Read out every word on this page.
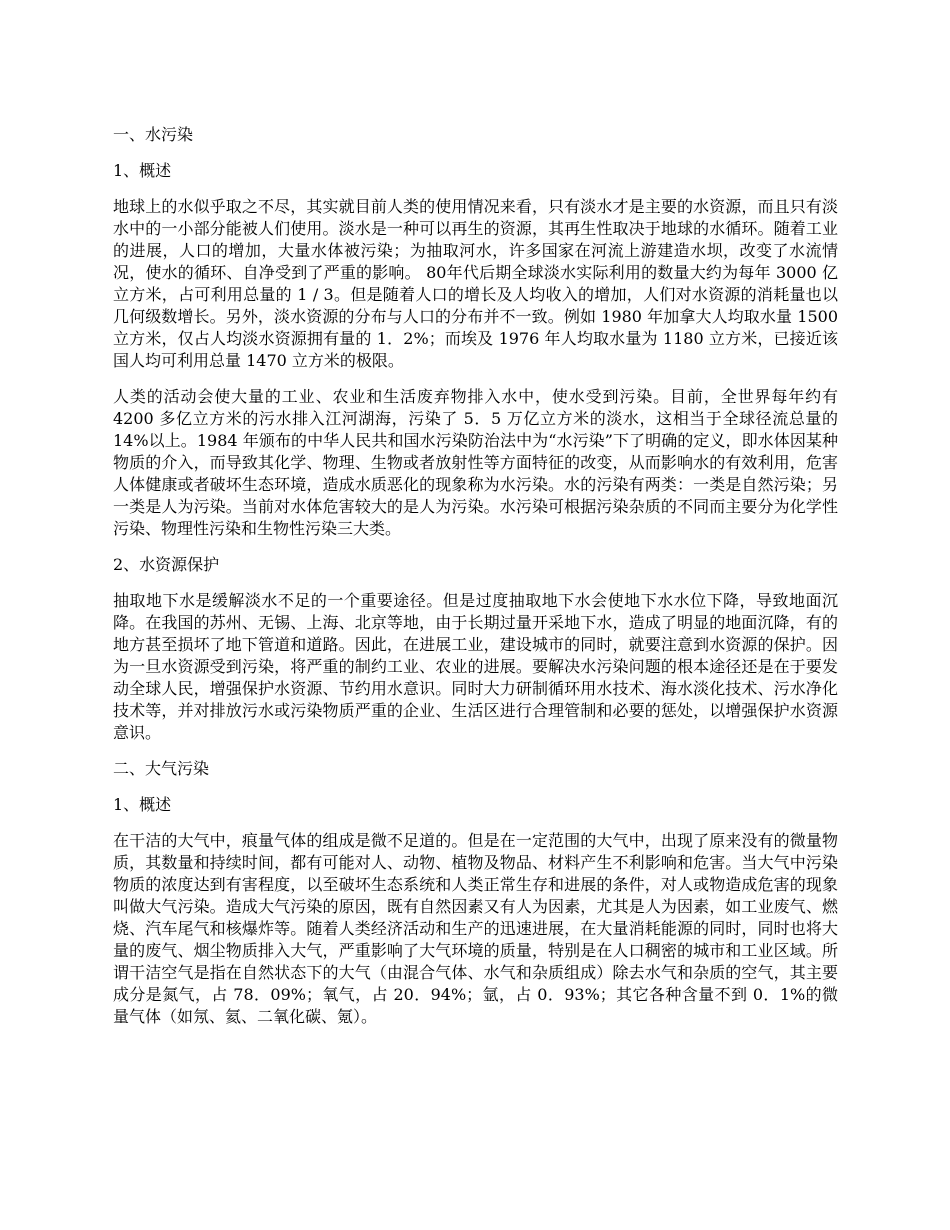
一、水污染
1、概述

地球上的水似乎取之不尽，其实就目前人类的使用情况来看，只有淡水才是主要的水资源，而且只有淡水中的一小部分能被人们使用。淡水是一种可以再生的资源，其再生性取决于地球的水循环。随着工业的进展，人口的增加，大量水体被污染；为抽取河水，许多国家在河流上游建造水坝，改变了水流情况，使水的循环、自净受到了严重的影响。 80年代后期全球淡水实际利用的数量大约为每年 3000 亿立方米，占可利用总量的 1 / 3。但是随着人口的增长及人均收入的增加，人们对水资源的消耗量也以几何级数增长。另外，淡水资源的分布与人口的分布并不一致。例如 1980 年加拿大人均取水量 1500 立方米，仅占人均淡水资源拥有量的 1．2%；而埃及 1976 年人均取水量为 1180 立方米，已接近该国人均可利用总量 1470 立方米的极限。

人类的活动会使大量的工业、农业和生活废弃物排入水中，使水受到污染。目前，全世界每年约有 4200 多亿立方米的污水排入江河湖海，污染了 5．5 万亿立方米的淡水，这相当于全球径流总量的 14%以上。1984 年颁布的中华人民共和国水污染防治法中为“水污染”下了明确的定义，即水体因某种物质的介入，而导致其化学、物理、生物或者放射性等方面特征的改变，从而影响水的有效利用，危害人体健康或者破坏生态环境，造成水质恶化的现象称为水污染。水的污染有两类：一类是自然污染；另一类是人为污染。当前对水体危害较大的是人为污染。水污染可根据污染杂质的不同而主要分为化学性污染、物理性污染和生物性污染三大类。

2、水资源保护

抽取地下水是缓解淡水不足的一个重要途径。但是过度抽取地下水会使地下水水位下降，导致地面沉降。在我国的苏州、无锡、上海、北京等地，由于长期过量开采地下水，造成了明显的地面沉降，有的地方甚至损坏了地下管道和道路。因此，在进展工业，建设城市的同时，就要注意到水资源的保护。因为一旦水资源受到污染，将严重的制约工业、农业的进展。要解决水污染问题的根本途径还是在于要发动全球人民，增强保护水资源、节约用水意识。同时大力研制循环用水技术、海水淡化技术、污水净化技术等，并对排放污水或污染物质严重的企业、生活区进行合理管制和必要的惩处，以增强保护水资源意识。

二、大气污染
1、概述

在干洁的大气中，痕量气体的组成是微不足道的。但是在一定范围的大气中，出现了原来没有的微量物质，其数量和持续时间，都有可能对人、动物、植物及物品、材料产生不利影响和危害。当大气中污染物质的浓度达到有害程度，以至破坏生态系统和人类正常生存和进展的条件，对人或物造成危害的现象叫做大气污染。造成大气污染的原因，既有自然因素又有人为因素，尤其是人为因素，如工业废气、燃烧、汽车尾气和核爆炸等。随着人类经济活动和生产的迅速进展，在大量消耗能源的同时，同时也将大量的废气、烟尘物质排入大气，严重影响了大气环境的质量，特别是在人口稠密的城市和工业区域。所谓干洁空气是指在自然状态下的大气（由混合气体、水气和杂质组成）除去水气和杂质的空气，其主要成分是氮气，占 78．09%；氧气，占 20．94%；氩，占 0．93%；其它各种含量不到 0．1%的微量气体（如氖、氦、二氧化碳、氪）。
